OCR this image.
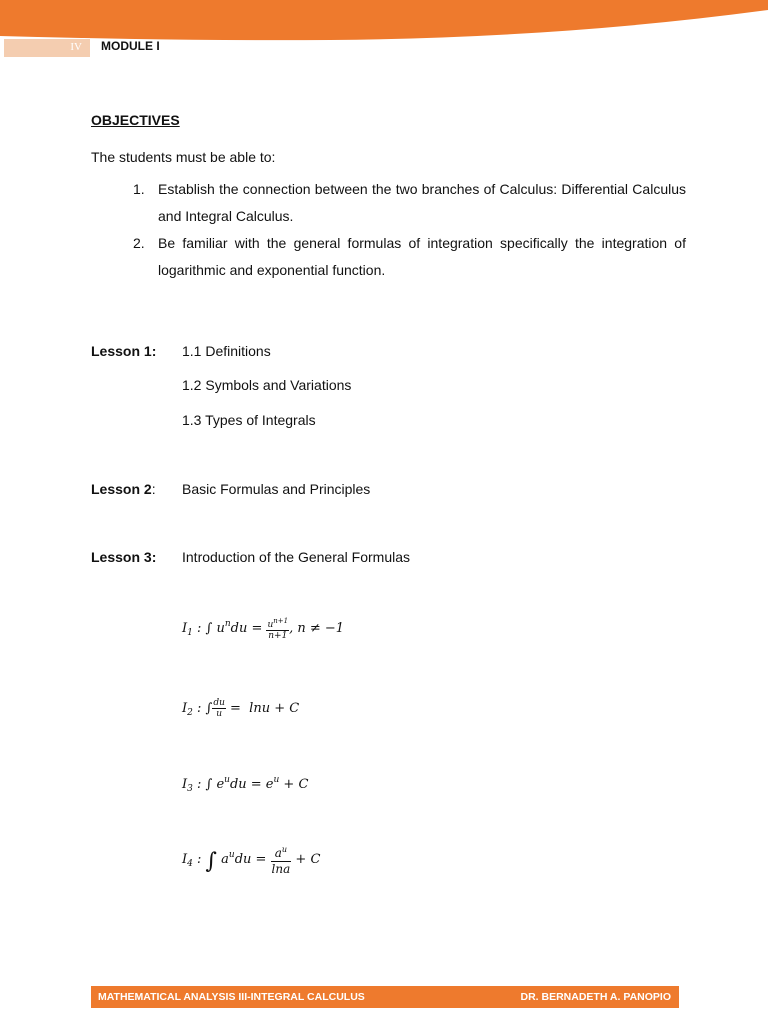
IV MODULE I
OBJECTIVES
The students must be able to:
1. Establish the connection between the two branches of Calculus: Differential Calculus and Integral Calculus.
2. Be familiar with the general formulas of integration specifically the integration of logarithmic and exponential function.
Lesson 1: 1.1 Definitions
1.2 Symbols and Variations
1.3 Types of Integrals
Lesson 2: Basic Formulas and Principles
Lesson 3: Introduction of the General Formulas
$I_1$ : ∫ $u^ndu = \frac{u^{n+1}}{n+1}$ , n ≠ −1
$I_2$ : ∫ $\frac{du}{u} = \ln u + C$
$I_3$ : ∫ $e^udu = e^u + C$
$I_4$ : ∫ $a^udu = \frac{a^u}{\ln a} + C$
MATHEMATICAL ANALYSIS III-INTEGRAL CALCULUS	DR. BERNADETH A. PANOPIO
